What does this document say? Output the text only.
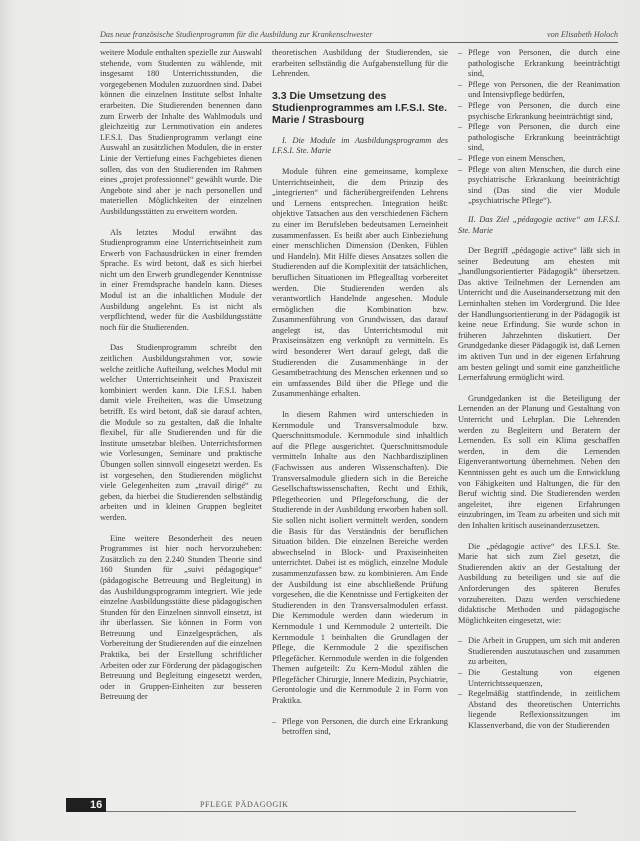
Das neue französische Studienprogramm für die Ausbildung zur Krankenschwester	von Elisabeth Holoch

weitere Module enthalten spezielle zur Auswahl stehende, vom Studenten zu wählende, mit insgesamt 180 Unterrichtsstunden, die vorgegebenen Modulen zuzuordnen sind. Dabei können die einzelnen Institute selbst Inhalte erarbeiten. Die Studierenden benennen dann zum Erwerb der Inhalte des Wahlmoduls und gleichzeitig zur Lernmotivation ein anderes I.F.S.I. Das Studienprogramm verlangt eine Auswahl an zusätzlichen Modulen, die in erster Linie der Vertiefung eines Fachgebietes dienen sollen, das von den Studierenden im Rahmen eines „projet professionnel“ gewählt wurde. Die Angebote sind aber je nach personellen und materiellen Möglichkeiten der einzelnen Ausbildungsstätten zu erweitern worden.

Als letztes Modul erwähnt das Studienprogramm eine Unterrichtseinheit zum Erwerb von Fachausdrücken in einer fremden Sprache. Es wird betont, daß es sich hierbei nicht um den Erwerb grundlegender Kenntnisse in einer Fremdsprache handeln kann. Dieses Modul ist an die inhaltlichen Module der Ausbildung angelehnt. Es ist nicht als verpflichtend, weder für die Ausbildungsstätte noch für die Studierenden.

Das Studienprogramm schreibt den zeitlichen Ausbildungsrahmen vor, sowie welche zeitliche Aufteilung, welches Modul mit welcher Unterrichtseinheit und Praxiszeit kombiniert werden kann. Die I.F.S.I. haben damit viele Freiheiten, was die Umsetzung betrifft. Es wird betont, daß sie darauf achten, die Module so zu gestalten, daß die Inhalte flexibel, für alle Studierenden und für die Institute umsetzbar bleiben. Unterrichtsformen wie Vorlesungen, Seminare und praktische Übungen sollen sinnvoll eingesetzt werden. Es ist vorgesehen, den Studierenden möglichst viele Gelegenheiten zum „travail dirigé“ zu geben, da hierbei die Studierenden selbständig arbeiten und in kleinen Gruppen begleitet werden.

Eine weitere Besonderheit des neuen Programmes ist hier noch hervorzuheben: Zusätzlich zu den 2.240 Stunden Theorie sind 160 Stunden für „suivi pédagogique“ (pädagogische Betreuung und Begleitung) in das Ausbildungsprogramm integriert. Wie jede einzelne Ausbildungsstätte diese pädagogischen Stunden für den Einzelnen sinnvoll einsetzt, ist ihr überlassen. Sie können in Form von Betreuung und Einzelgesprächen, als Vorbereitung der Studierenden auf die einzelnen Praktika, bei der Erstellung schriftlicher Arbeiten oder zur Förderung der pädagogischen Betreuung und Begleitung eingesetzt werden, oder in Gruppen-Einheiten zur besseren Betreuung der

theoretischen Ausbildung der Studierenden, sie erarbeiten selbständig die Aufgabenstellung für die Lehrenden.

3.3 Die Umsetzung des Studienprogrammes am I.F.S.I. Ste. Marie / Strasbourg

I. Die Module im Ausbildungsprogramm des I.F.S.I. Ste. Marie

Module führen eine gemeinsame, komplexe Unterrichtseinheit, die dem Prinzip des „integrierten“ und fächerübergreifenden Lehrens und Lernens entsprechen. Integration heißt: objektive Tatsachen aus den verschiedenen Fächern zu einer im Berufsleben bedeutsamen Lerneinheit zusammenfassen. Es heißt aber auch Einbeziehung einer menschlichen Dimension (Denken, Fühlen und Handeln). Mit Hilfe dieses Ansatzes sollen die Studierenden auf die Komplexität der tatsächlichen, beruflichen Situationen im Pflegealltag vorbereitet werden. Die Studierenden werden als verantwortlich Handelnde angesehen. Module ermöglichen die Kombination bzw. Zusammenführung von Grundwissen, das darauf angelegt ist, das Unterrichtsmodul mit Praxiseinsätzen eng verknüpft zu vermitteln. Es wird besonderer Wert darauf gelegt, daß die Studierenden die Zusammenhänge in der Gesamtbetrachtung des Menschen erkennen und so ein umfassendes Bild über die Pflege und die Zusammenhänge erhalten.

In diesem Rahmen wird unterschieden in Kernmodule und Transversalmodule bzw. Querschnittsmodule. Kernmodule sind inhaltlich auf die Pflege ausgerichtet. Querschnittsmodule vermitteln Inhalte aus den Nachbardisziplinen (Fachwissen aus anderen Wissenschaften). Die Transversalmodule gliedern sich in die Bereiche Gesellschaftswissenschaften, Recht und Ethik, Pflegetheorien und Pflegeforschung, die der Studierende in der Ausbildung erworben haben soll. Sie sollen nicht isoliert vermittelt werden, sondern die Basis für das Verständnis der beruflichen Situation bilden. Die einzelnen Bereiche werden abwechselnd in Block- und Praxiseinheiten unterrichtet. Dabei ist es möglich, einzelne Module zusammenzufassen bzw. zu kombinieren. Am Ende der Ausbildung ist eine abschließende Prüfung vorgesehen, die die Kenntnisse und Fertigkeiten der Studierenden in den Transversalmodulen erfasst. Die Kernmodule werden dann wiederum in Kernmodule 1 und Kernmodule 2 unterteilt. Die Kernmodule 1 beinhalten die Grundlagen der Pflege, die Kernmodule 2 die spezifischen Pflegefächer. Kernmodule werden in die folgenden Themen aufgeteilt: Zu Kern-Modul zählen die Pflegefächer Chirurgie, Innere Medizin, Psychiatrie, Gerontologie und die Kernmodule 2 in Form von Praktika.

– Pflege von Personen, die durch eine Erkrankung betroffen sind,
– Pflege von Personen, die durch eine pathologische Erkrankung beeinträchtigt sind,
– Pflege von Personen, die der Reanimation und Intensivpflege bedürfen,
– Pflege von Personen, die durch eine psychische Erkrankung beeinträchtigt sind,
– Pflege von Personen, die durch eine pathologische Erkrankung beeinträchtigt sind,
– Pflege von einem Menschen,
– Pflege von alten Menschen, die durch eine psychiatrische Erkrankung beeinträchtigt sind (Das sind die vier Module „psychiatrische Pflege“).

II. Das Ziel „pédagogie active“ am I.F.S.I. Ste. Marie

Der Begriff „pédagogie active“ läßt sich in seiner Bedeutung am ehesten mit „handlungsorientierter Pädagogik“ übersetzen. Das aktive Teilnehmen der Lernenden am Unterricht und die Auseinandersetzung mit den Lerninhalten stehen im Vordergrund. Die Idee der Handlungsorientierung in der Pädagogik ist keine neue Erfindung. Sie wurde schon in früheren Jahrzehnten diskutiert. Der Grundgedanke dieser Pädagogik ist, daß Lernen im aktiven Tun und in der eigenen Erfahrung am besten gelingt und somit eine ganzheitliche Lernerfahrung ermöglicht wird.

Grundgedanken ist die Beteiligung der Lernenden an der Planung und Gestaltung von Unterricht und Lehrplan. Die Lehrenden werden zu Begleitern und Beratern der Lernenden. Es soll ein Klima geschaffen werden, in dem die Lernenden Eigenverantwortung übernehmen. Neben den Kenntnissen geht es auch um die Entwicklung von Fähigkeiten und Haltungen, die für den Beruf wichtig sind. Die Studierenden werden angeleitet, ihre eigenen Erfahrungen einzubringen, im Team zu arbeiten und sich mit den Inhalten kritisch auseinanderzusetzen.

Die „pédagogie active“ des I.F.S.I. Ste. Marie hat sich zum Ziel gesetzt, die Studierenden aktiv an der Gestaltung der Ausbildung zu beteiligen und sie auf die Anforderungen des späteren Berufes vorzubereiten. Dazu werden verschiedene didaktische Methoden und pädagogische Möglichkeiten eingesetzt, wie:

– Die Arbeit in Gruppen, um sich mit anderen Studierenden auszutauschen und zusammen zu arbeiten,
– Die Gestaltung von eigenen Unterrichtssequenzen,
– Regelmäßig stattfindende, in zeitlichem Abstand des theoretischen Unterrichts liegende Reflexionssitzungen im Klassenverband, die von der Studierenden
16	PFLEGE PÄDAGOGIK
